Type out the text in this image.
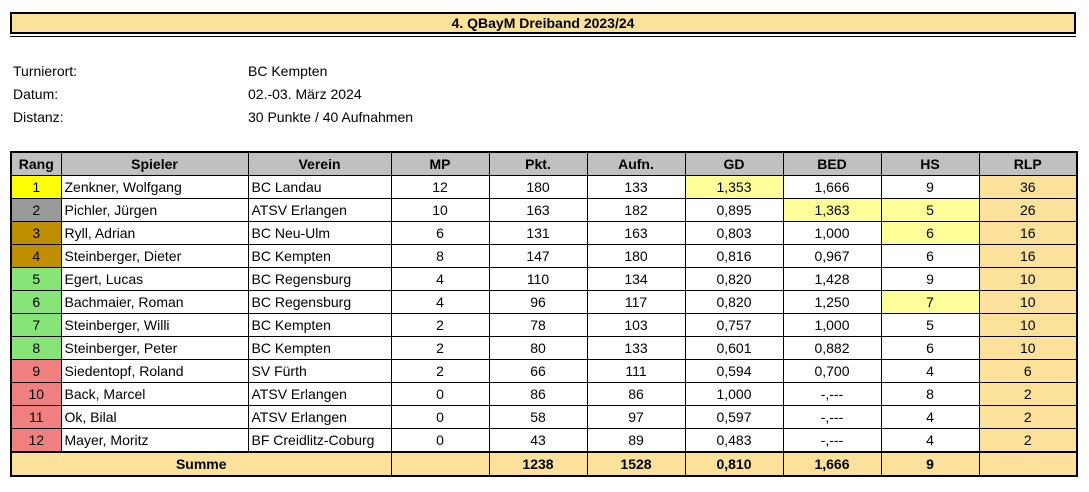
4. QBayM Dreiband 2023/24
Turnierort:	BC Kempten
Datum:	02.-03. März 2024
Distanz:	30 Punkte / 40 Aufnahmen
Rang	Spieler	Verein	MP	Pkt.	Aufn.	GD	BED	HS	RLP
1	Zenkner, Wolfgang	BC Landau	12	180	133	1,353	1,666	9	36
2	Pichler, Jürgen	ATSV Erlangen	10	163	182	0,895	1,363	5	26
3	Ryll, Adrian	BC Neu-Ulm	6	131	163	0,803	1,000	6	16
4	Steinberger, Dieter	BC Kempten	8	147	180	0,816	0,967	6	16
5	Egert, Lucas	BC Regensburg	4	110	134	0,820	1,428	9	10
6	Bachmaier, Roman	BC Regensburg	4	96	117	0,820	1,250	7	10
7	Steinberger, Willi	BC Kempten	2	78	103	0,757	1,000	5	10
8	Steinberger, Peter	BC Kempten	2	80	133	0,601	0,882	6	10
9	Siedentopf, Roland	SV Fürth	2	66	111	0,594	0,700	4	6
10	Back, Marcel	ATSV Erlangen	0	86	86	1,000	-,---	8	2
11	Ok, Bilal	ATSV Erlangen	0	58	97	0,597	-,---	4	2
12	Mayer, Moritz	BF Creidlitz-Coburg	0	43	89	0,483	-,---	4	2
Summe				1238	1528	0,810	1,666	9	
